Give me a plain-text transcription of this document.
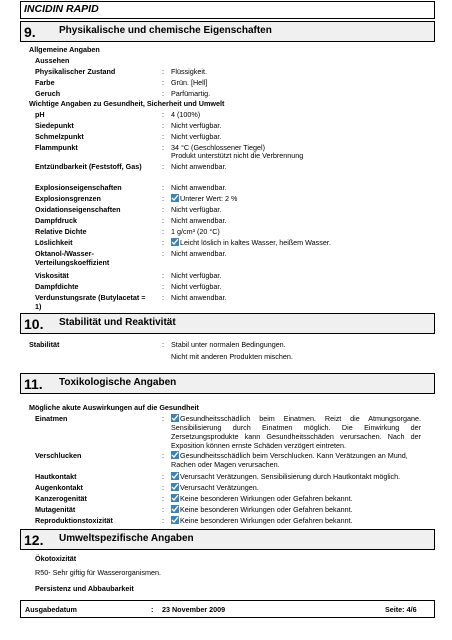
INCIDIN RAPID
9. Physikalische und chemische Eigenschaften
Allgemeine Angaben
Aussehen
Physikalischer Zustand	: Flüssigkeit.
Farbe	: Grün. [Hell]
Geruch	: Parfümartig.
Wichtige Angaben zu Gesundheit, Sicherheit und Umwelt
pH	: 4 (100%)
Siedepunkt	: Nicht verfügbar.
Schmelzpunkt	: Nicht verfügbar.
Flammpunkt	: 34 °C (Geschlossener Tiegel)
Produkt unterstützt nicht die Verbrennung
Entzündbarkeit (Feststoff, Gas)	: Nicht anwendbar.
Explosionseigenschaften	: Nicht anwendbar.
Explosionsgrenzen	:	Unterer Wert: 2 %
Oxidationseigenschaften	: Nicht verfügbar.
Dampfdruck	: Nicht anwendbar.
Relative Dichte	: 1 g/cm³ (20 °C)
Löslichkeit	:	Leicht löslich in kaltes Wasser, heißem Wasser.
Oktanol-/Wasser-Verteilungskoeffizient
: Nicht anwendbar.
Viskosität	: Nicht verfügbar.
Dampfdichte	: Nicht verfügbar.
Verdunstungsrate (Butylacetat = 1)
: Nicht anwendbar.
10. Stabilität und Reaktivität
Stabilität	: Stabil unter normalen Bedingungen.
Nicht mit anderen Produkten mischen.
11. Toxikologische Angaben
Mögliche akute Auswirkungen auf die Gesundheit
Einatmen	:	Gesundheitsschädlich beim Einatmen. Reizt die Atmungsorgane. Sensibilisierung durch Einatmen möglich. Die Einwirkung der Zersetzungsprodukte kann Gesundheitsschäden verursachen. Nach der Exposition können ernste Schäden verzögert eintreten.
Verschlucken	:	Gesundheitsschädlich beim Verschlucken. Kann Verätzungen an Mund, Rachen oder Magen verursachen.
Hautkontakt	:	Verursacht Verätzungen. Sensibilisierung durch Hautkontakt möglich.
Augenkontakt	:	Verursacht Verätzungen.
Kanzerogenität	:	Keine besonderen Wirkungen oder Gefahren bekannt.
Mutagenität	:	Keine besonderen Wirkungen oder Gefahren bekannt.
Reproduktionstoxizität	:	Keine besonderen Wirkungen oder Gefahren bekannt.
12. Umweltspezifische Angaben
Ökotoxizität
R50- Sehr giftig für Wasserorganismen.
Persistenz und Abbaubarkeit
Ausgabedatum	: 23 November 2009	Seite: 4/6
